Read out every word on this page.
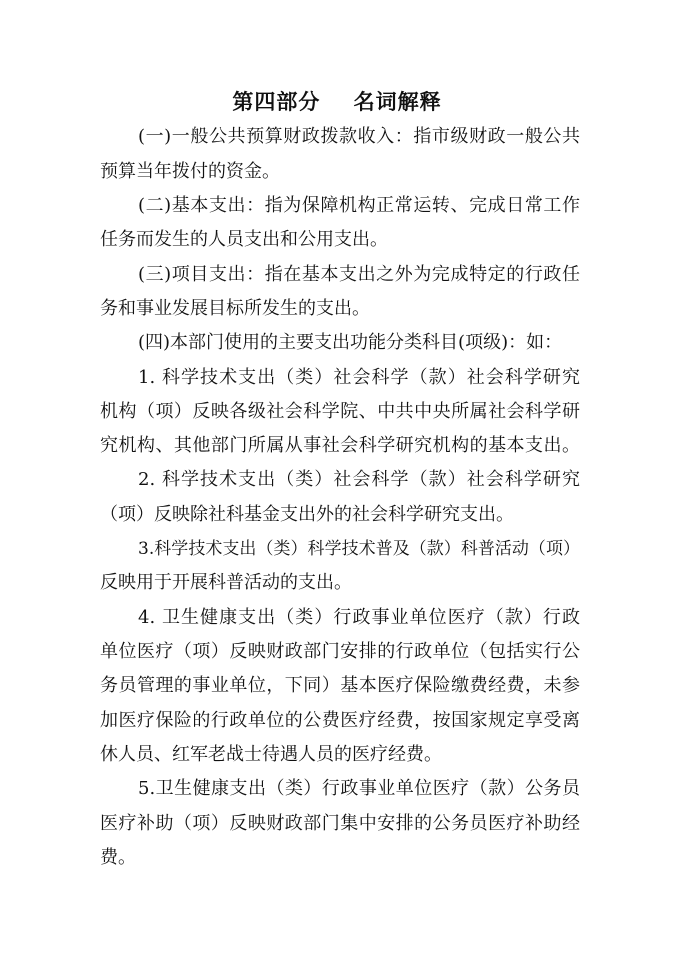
第四部分    名词解释
(一)一般公共预算财政拨款收入：指市级财政一般公共
预算当年拨付的资金。
(二)基本支出：指为保障机构正常运转、完成日常工作
任务而发生的人员支出和公用支出。
(三)项目支出：指在基本支出之外为完成特定的行政任
务和事业发展目标所发生的支出。
(四)本部门使用的主要支出功能分类科目(项级)：如：
1. 科学技术支出（类）社会科学（款）社会科学研究
机构（项）反映各级社会科学院、中共中央所属社会科学研
究机构、其他部门所属从事社会科学研究机构的基本支出。
2. 科学技术支出（类）社会科学（款）社会科学研究
（项）反映除社科基金支出外的社会科学研究支出。
3.科学技术支出（类）科学技术普及（款）科普活动（项）
反映用于开展科普活动的支出。
4. 卫生健康支出（类）行政事业单位医疗（款）行政
单位医疗（项）反映财政部门安排的行政单位（包括实行公
务员管理的事业单位，下同）基本医疗保险缴费经费，未参
加医疗保险的行政单位的公费医疗经费，按国家规定享受离
休人员、红军老战士待遇人员的医疗经费。
5.卫生健康支出（类）行政事业单位医疗（款）公务员
医疗补助（项）反映财政部门集中安排的公务员医疗补助经
费。
